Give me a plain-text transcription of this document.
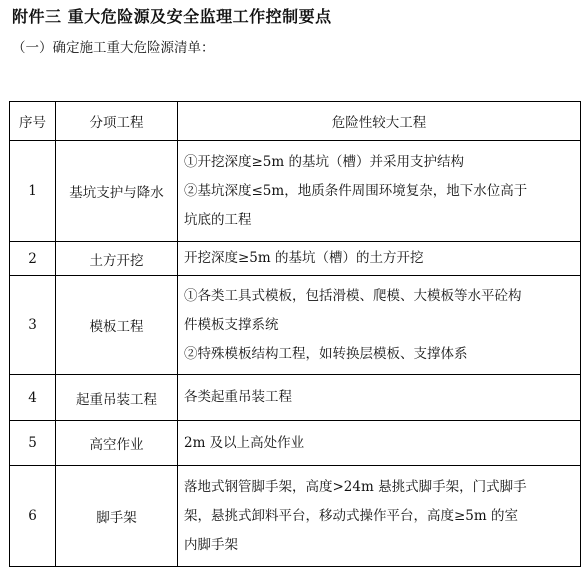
附件三 重大危险源及安全监理工作控制要点
（一）确定施工重大危险源清单：
序号	分项工程	危险性较大工程
1	基坑支护与降水	①开挖深度≥5m 的基坑（槽）并采用支护结构
②基坑深度≤5m，地质条件周围环境复杂，地下水位高于
坑底的工程

2	土方开挖	开挖深度≥5m 的基坑（槽）的土方开挖

3	模板工程	①各类工具式模板，包括滑模、爬模、大模板等水平砼构
件模板支撑系统
②特殊模板结构工程，如转换层模板、支撑体系

4	起重吊装工程	各类起重吊装工程

5	高空作业	2m 及以上高处作业

6	脚手架	落地式钢管脚手架，高度>24m 悬挑式脚手架，门式脚手
架，悬挑式卸料平台，移动式操作平台，高度≥5m 的室
内脚手架
